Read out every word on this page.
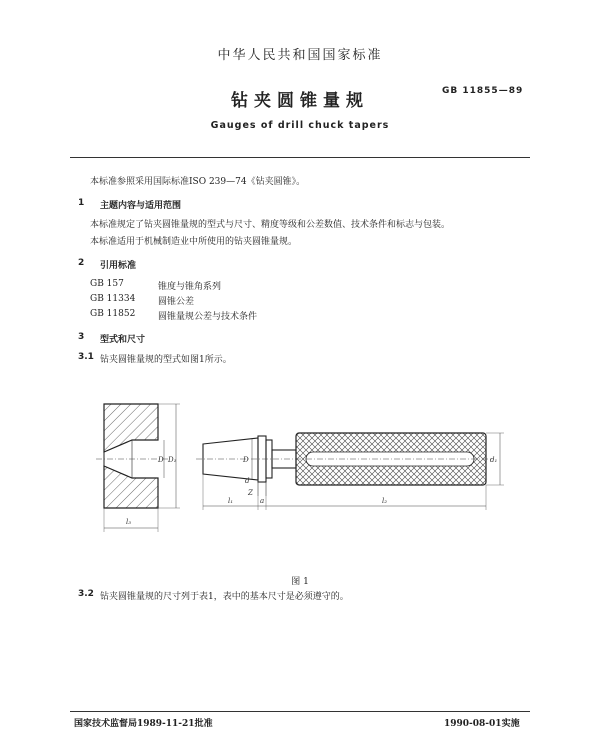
中华人民共和国国家标准
钻夹圆锥量规	GB 11855—89
Gauges of drill chuck tapers
本标准参照采用国际标准ISO 239—74《钻夹圆锥》。
1 主题内容与适用范围
本标准规定了钻夹圆锥量规的型式与尺寸、精度等级和公差数值、技术条件和标志与包装。
本标准适用于机械制造业中所使用的钻夹圆锥量规。
2 引用标准
GB 157	锥度与锥角系列
GB 11334	圆锥公差
GB 11852	圆锥量规公差与技术条件
3 型式和尺寸
3.1 钻夹圆锥量规的型式如图1所示。
D D₁
l₃
D
d
Z
l₁	a	l₂
d₁
图 1
3.2 钻夹圆锥量规的尺寸列于表1，表中的基本尺寸是必须遵守的。
国家技术监督局1989-11-21批准	1990-08-01实施
